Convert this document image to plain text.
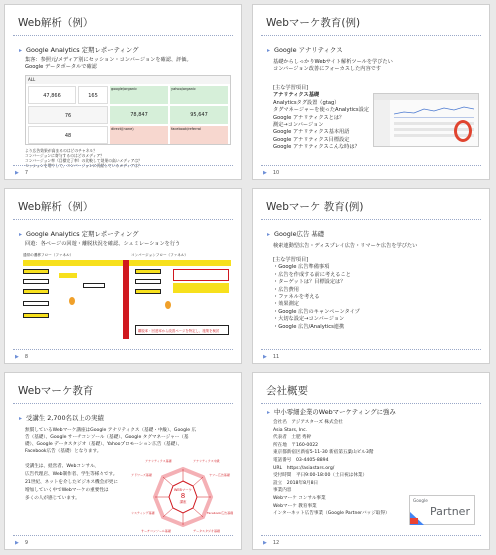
Web解析（例）
▸ Google Analytics 定期レポーティング
集客：参照元/メディア別にセッション・コンバージョンを確認、評価。
Google データポータルで確認
ALL
47,866	165
google/organic	yahoo/organic
76	78,847	95,647
48
direct/(none)	facebook/referral
より広告効果が高まるのはどのチャネル？
コンバージョンに寄与するのはどのメディア？
コンバージョン率（目標完了率）の比較して効果の高いメディアは？
セッションを増やして、コンバージョンに貢献しているメディアは？
▶ 7
Webマーケ教育(例)
▸ Google アナリティクス
基礎からしっかりWebサイト解析ツールを学びたい
コンバージョン改善にフォーカスした内容です
[主な学習項目]
アナリティクス基礎
Analyticsタグ設置（gtag）
タグマネージャーを使ったAnalytics設定
Google アナリティクスとは？
測定→コンバージョン
Google アナリティクス基本用語
Google アナリティクス目標設定
Google アナリティクスこんな時は？
▶ 10
Web解析（例）
▸ Google Analytics 定期レポーティング
回遊：各ページの回遊・離脱状況を確認、シュミレーションを行う
通常の遷移フロー（ファネル）	コンバージョンフロー（ファネル）
離脱率・回遊率から改善ページを特定し、施策を検討
▶ 8
Webマーケ 教育(例)
▸ Google広告 基礎
検索連動型広告・ディスプレイ広告・リマーケ広告を学びたい
[主な学習項目]
・Google 広告準備事項
・広告を作成する前に考えること
・ターゲットは？目標設定は？
・広告費用
・ファネルを考える
・効果測定
・Google 広告のキャンペーンタイプ
・大切な設定→コンバージョン
・Google 広告/Analytics連携
▶ 11
Webマーケ教育
▸ 受講生 2,700名以上の実績
無償しているWebマーケ講座はGoogle アナリティクス（基礎・中級）、Google 広
告（基礎）、Google サーチコンソール（基礎）、Google タグマネージャー（基
礎）、Google データスタジオ（基礎）、Yahooプロモーション広告（基礎）、
Facebook広告（基礎）となります。
受講生は、経営者、Webコンサル、
広告代理店、Web制作者、学生等様々です。
21世紀、ネットを介したビジネス機会が更に
増加していく中でWebマーケの重要性は
多くの人が感じています。
WEBマーケ
8
講座
アナリティクス基礎	アナリティクス中級
アドワーズ基礎	ヤフー広告基礎
リスティング基礎	Facebook広告基礎
サーチコンソール基礎	データスタジオ基礎
▶ 9
会社概要
▸ 中小零細企業のWebマーケティングに強み
会社名　アジアスターズ 株式会社
Asia Stars, Inc.
代表者　土肥 秀幹
所在地　〒160-0022
東京都新宿区新宿5-11-30 新宿第五葉山ビル3階
電話番号　03-4405-8894
URL　https://asiastars.org/
受付時間　平日9:00-18:00（土日祝は休業）
設立　2018年8月8日
事業内容
Webマーケ コンサル事業
Webマーケ 教育事業
インターネット広告事業（Google Partnerバッジ取得）
Google
Partner
▶ 12
